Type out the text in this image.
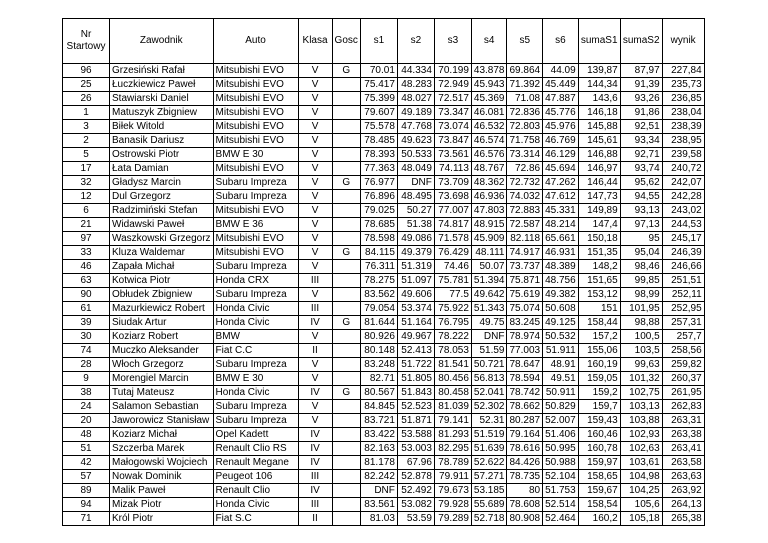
Nr Startowy	Zawodnik	Auto	Klasa	Gosc	s1	s2	s3	s4	s5	s6	sumaS1	sumaS2	wynik
96	Grzesiński Rafał	Mitsubishi EVO	V	G	70.01	44.334	70.199	43.878	69.864	44.09	139,87	87,97	227,84
25	Łuczkiewicz Paweł	Mitsubishi EVO	V		75.417	48.283	72.949	45.943	71.392	45.449	144,34	91,39	235,73
26	Stawiarski Daniel	Mitsubishi EVO	V		75.399	48.027	72.517	45.369	71.08	47.887	143,6	93,26	236,85
1	Matuszyk Zbigniew	Mitsubishi EVO	V		79.607	49.189	73.347	46.081	72.836	45.776	146,18	91,86	238,04
3	Biłek Witold	Mitsubishi EVO	V		75.578	47.768	73.074	46.532	72.803	45.976	145,88	92,51	238,39
2	Banasik Dariusz	Mitsubishi EVO	V		78.485	49.623	73.847	46.574	71.758	46.769	145,61	93,34	238,95
5	Ostrowski Piotr	BMW E 30	V		78.393	50.533	73.561	46.576	73.314	46.129	146,88	92,71	239,58
17	Łata Damian	Mitsubishi EVO	V		77.363	48.049	74.113	48.767	72.86	45.694	146,97	93,74	240,72
32	Gładysz Marcin	Subaru Impreza	V	G	76.977	DNF	73.709	48.362	72.732	47.262	146,44	95,62	242,07
12	Dul Grzegorz	Subaru Impreza	V		76.896	48.495	73.698	46.936	74.032	47.612	147,73	94,55	242,28
6	Radzimiński Stefan	Mitsubishi EVO	V		79.025	50.27	77.007	47.803	72.883	45.331	149,89	93,13	243,02
21	Widawski Paweł	BMW E 36	V		78.685	51.38	74.817	48.915	72.587	48.214	147,4	97,13	244,53
97	Waszkowski Grzegorz	Mitsubishi EVO	V		78.598	49.086	71.578	45.909	82.118	65.661	150,18	95	245,17
33	Kluza Waldemar	Mitsubishi EVO	V	G	84.115	49.379	76.429	48.111	74.917	46.931	151,35	95,04	246,39
46	Zapała Michał	Subaru Impreza	V		76.311	51.319	74.46	50.07	73.737	48.389	148,2	98,46	246,66
63	Kotwica Piotr	Honda CRX	III		78.275	51.097	75.781	51.394	75.871	48.756	151,65	99,85	251,51
90	Obłudek Zbigniew	Subaru Impreza	V		83.562	49.606	77.5	49.642	75.619	49.382	153,12	98,99	252,11
61	Mazurkiewicz Robert	Honda Civic	III		79.054	53.374	75.922	51.343	75.074	50.608	151	101,95	252,95
39	Siudak Artur	Honda Civic	IV	G	81.644	51.164	76.795	49.75	83.245	49.125	158,44	98,88	257,31
30	Koziarz Robert	BMW	V		80.926	49.967	78.222	DNF	78.974	50.532	157,2	100,5	257,7
74	Muczko Aleksander	Fiat C.C	II		80.148	52.413	78.053	51.59	77.003	51.911	155,06	103,5	258,56
28	Włoch Grzegorz	Subaru Impreza	V		83.248	51.722	81.541	50.721	78.647	48.91	160,19	99,63	259,82
9	Morengiel Marcin	BMW E 30	V		82.71	51.805	80.456	56.813	78.594	49.51	159,05	101,32	260,37
38	Tutaj Mateusz	Honda Civic	IV	G	80.567	51.843	80.458	52.041	78.742	50.911	159,2	102,75	261,95
24	Salamon Sebastian	Subaru Impreza	V		84.845	52.523	81.039	52.302	78.662	50.829	159,7	103,13	262,83
20	Jaworowicz Stanisław	Subaru Impreza	V		83.721	51.871	79.141	52.31	80.287	52.007	159,43	103,88	263,31
48	Koziarz Michał	Opel Kadett	IV		83.422	53.588	81.293	51.519	79.164	51.406	160,46	102,93	263,38
51	Szczerba Marek	Renault Clio RS	IV		82.163	53.003	82.295	51.639	78.616	50.995	160,78	102,63	263,41
42	Małogowski Wojciech	Renault Megane	IV		81.178	67.96	78.789	52.622	84.426	50.988	159,97	103,61	263,58
57	Nowak Dominik	Peugeot 106	III		82.242	52.878	79.911	57.271	78.735	52.104	158,65	104,98	263,63
89	Malik Paweł	Renault Clio	IV		DNF	52.492	79.673	53.185	80	51.753	159,67	104,25	263,92
94	Mizak Piotr	Honda Civic	III		83.561	53.082	79.928	55.689	78.608	52.514	158,54	105,6	264,13
71	Król Piotr	Fiat S.C	II		81.03	53.59	79.289	52.718	80.908	52.464	160,2	105,18	265,38
